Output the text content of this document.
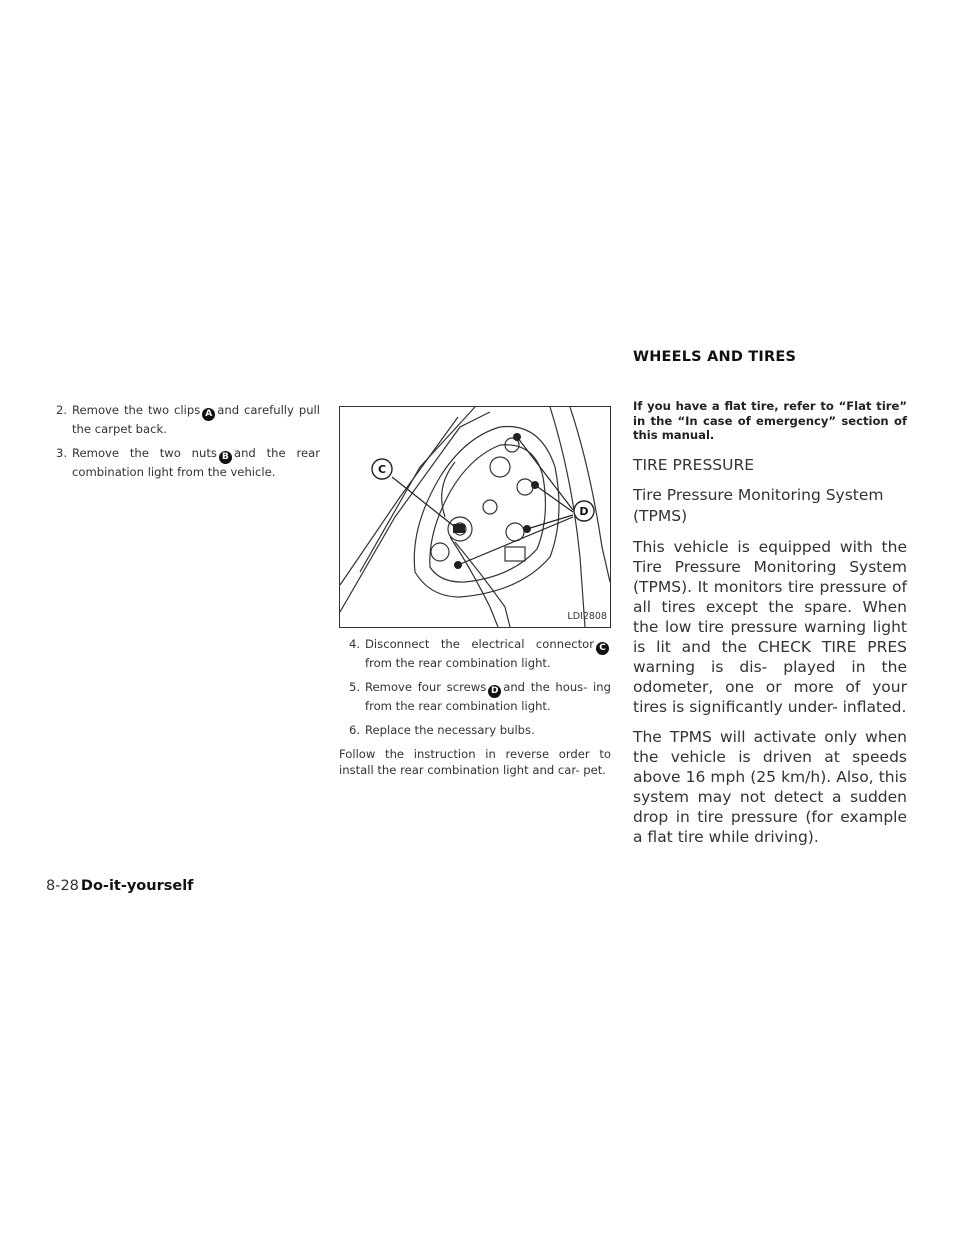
WHEELS AND TIRES
2. Remove the two clips A and carefully pull the carpet back.
3. Remove the two nuts B and the rear combination light from the vehicle.	C
D
LDI2808
4. Disconnect the electrical connector Cfrom the rear combination light.
5. Remove four screws D and the hous- ing from the rear combination light.
6. Replace the necessary bulbs.
Follow the instruction in reverse order to install the rear combination light and car- pet.
If you have a flat tire, refer to “Flat tire” in the “In case of emergency” section of this manual.
TIRE PRESSURE
Tire Pressure Monitoring System (TPMS)
This vehicle is equipped with the Tire Pressure Monitoring System (TPMS). It monitors tire pressure of all tires except the spare. When the low tire pressure warning light is lit and the CHECK TIRE PRES warning is dis- played in the odometer, one or more of your tires is significantly under- inflated.
The TPMS will activate only when the vehicle is driven at speeds above 16 mph (25 km/h). Also, this system may not detect a sudden drop in tire pressure (for example a flat tire while driving).
8-28 Do-it-yourself
